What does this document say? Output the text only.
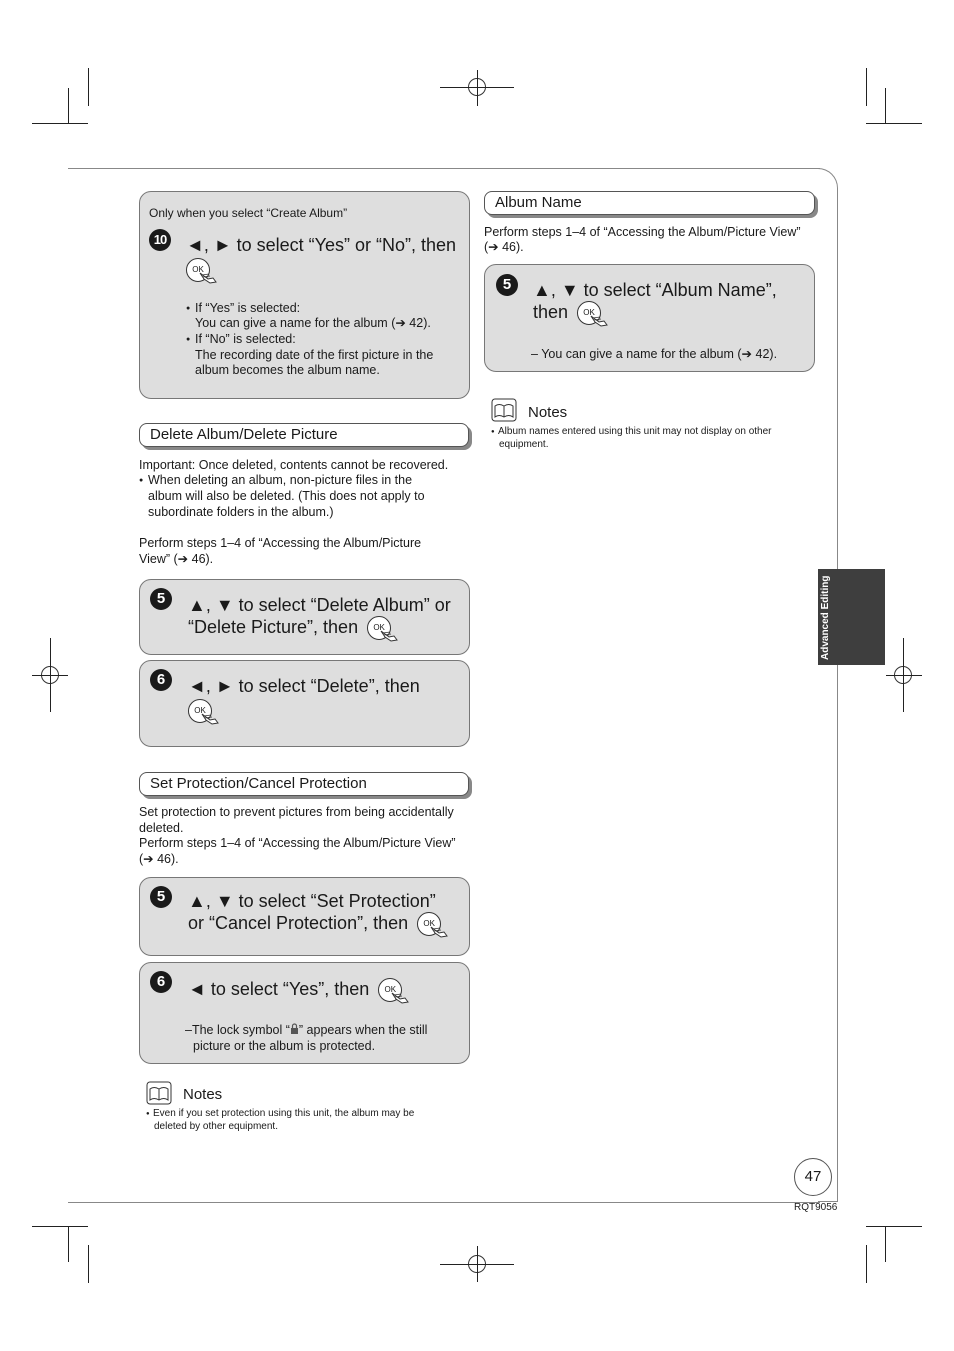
Only when you select “Create Album”
10 ◄, ► to select “Yes” or “No”, then
OK
● If “Yes” is selected:
You can give a name for the album (➔ 42).
● If “No” is selected:
The recording date of the first picture in the
album becomes the album name.
Delete Album/Delete Picture
Important: Once deleted, contents cannot be recovered.
● When deleting an album, non-picture files in the
album will also be deleted. (This does not apply to
subordinate folders in the album.)
Perform steps 1–4 of “Accessing the Album/Picture
View” (➔ 46).
5	▲, ▼ to select “Delete Album” or
“Delete Picture”, then OK
6	◄, ► to select “Delete”, then
OK
Set Protection/Cancel Protection
Set protection to prevent pictures from being accidentally
deleted.
Perform steps 1–4 of “Accessing the Album/Picture View”
(➔ 46).
5	▲, ▼ to select “Set Protection”
or “Cancel Protection”, then OK
6	◄ to select “Yes”, then OK
–The lock symbol “ ” appears when the still
picture or the album is protected.
Notes
● Even if you set protection using this unit, the album may be
deleted by other equipment.
Album Name
Perform steps 1–4 of “Accessing the Album/Picture View”
(➔ 46).
5	▲, ▼ to select “Album Name”,
then OK
– You can give a name for the album (➔ 42).
Notes
● Album names entered using this unit may not display on other
equipment.
Advanced Editing
47
RQT9056
